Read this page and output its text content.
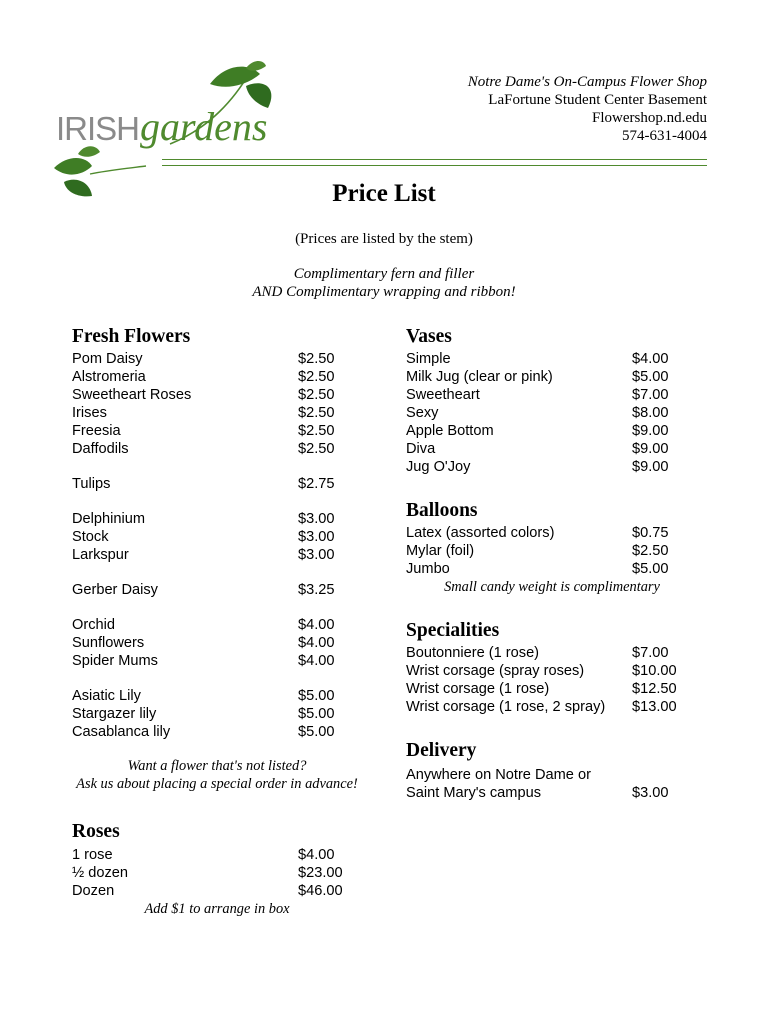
IRISH gardens
Notre Dame's On-Campus Flower Shop
LaFortune Student Center Basement
Flowershop.nd.edu
574-631-4004
Price List
(Prices are listed by the stem)
Complimentary fern and filler
AND Complimentary wrapping and ribbon!
Fresh Flowers
Pom Daisy	$2.50
Alstromeria	$2.50
Sweetheart Roses	$2.50
Irises	$2.50
Freesia	$2.50
Daffodils	$2.50
Tulips	$2.75
Delphinium	$3.00
Stock	$3.00
Larkspur	$3.00
Gerber Daisy	$3.25
Orchid	$4.00
Sunflowers	$4.00
Spider Mums	$4.00
Asiatic Lily	$5.00
Stargazer lily	$5.00
Casablanca lily	$5.00
Want a flower that's not listed?
Ask us about placing a special order in advance!
Roses
1 rose	$4.00
½ dozen	$23.00
Dozen	$46.00
Add $1 to arrange in box
Vases
Simple	$4.00
Milk Jug (clear or pink)	$5.00
Sweetheart	$7.00
Sexy	$8.00
Apple Bottom	$9.00
Diva	$9.00
Jug O'Joy	$9.00
Balloons
Latex (assorted colors)	$0.75
Mylar (foil)	$2.50
Jumbo	$5.00
Small candy weight is complimentary
Specialities
Boutonniere (1 rose)	$7.00
Wrist corsage (spray roses)	$10.00
Wrist corsage (1 rose)	$12.50
Wrist corsage (1 rose, 2 spray) $13.00
Delivery
Anywhere on Notre Dame or
Saint Mary's campus	$3.00
